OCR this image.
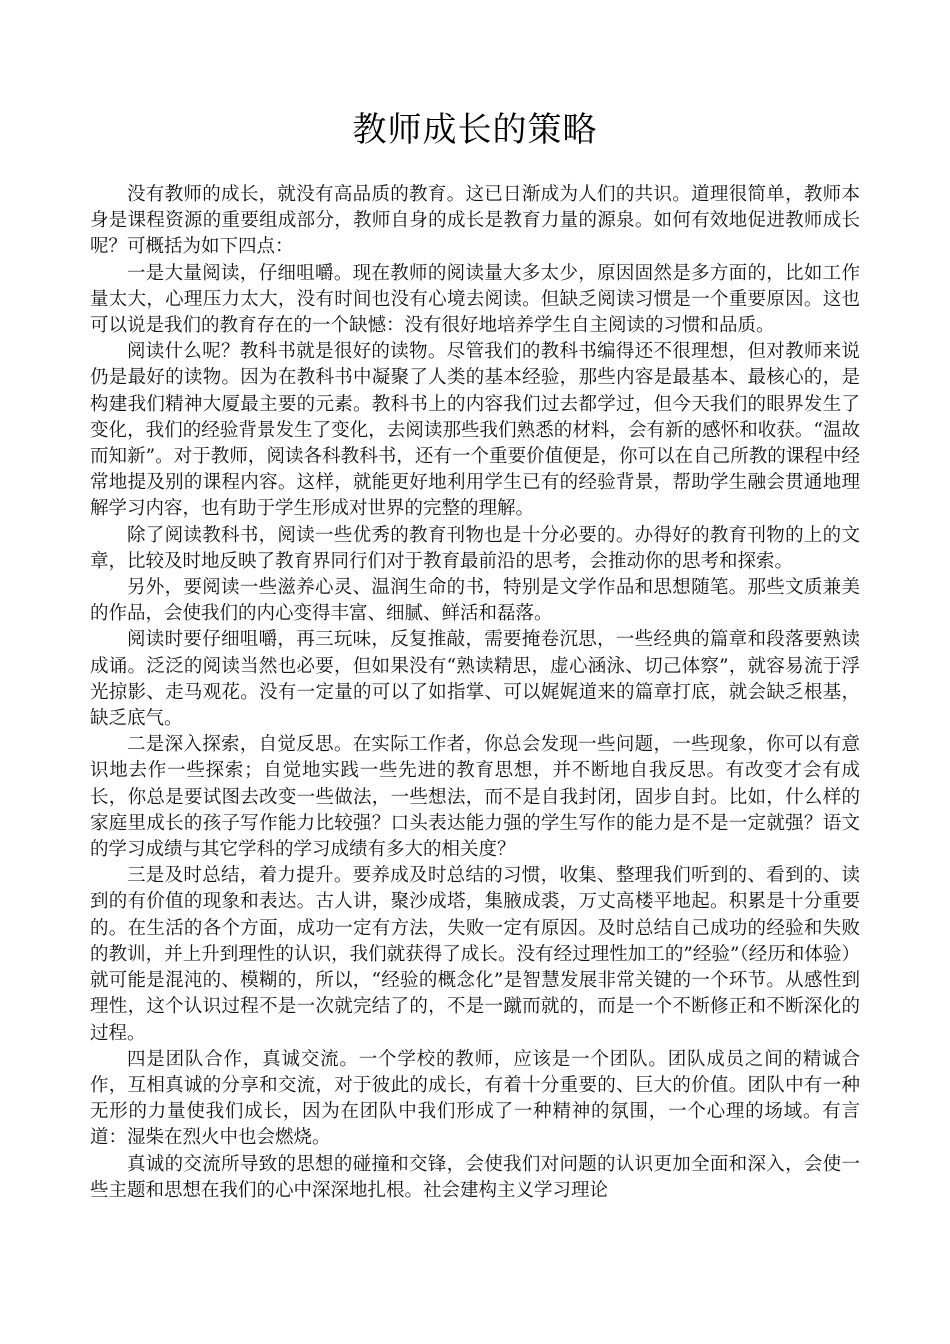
教师成长的策略

没有教师的成长，就没有高品质的教育。这已日渐成为人们的共识。道理很简单，教师本身是课程资源的重要组成部分，教师自身的成长是教育力量的源泉。如何有效地促进教师成长呢？可概括为如下四点：

一是大量阅读，仔细咀嚼。现在教师的阅读量大多太少，原因固然是多方面的，比如工作量太大，心理压力太大，没有时间也没有心境去阅读。但缺乏阅读习惯是一个重要原因。这也可以说是我们的教育存在的一个缺憾：没有很好地培养学生自主阅读的习惯和品质。

阅读什么呢？教科书就是很好的读物。尽管我们的教科书编得还不很理想，但对教师来说仍是最好的读物。因为在教科书中凝聚了人类的基本经验，那些内容是最基本、最核心的，是构建我们精神大厦最主要的元素。教科书上的内容我们过去都学过，但今天我们的眼界发生了变化，我们的经验背景发生了变化，去阅读那些我们熟悉的材料，会有新的感怀和收获。“温故而知新”。对于教师，阅读各科教科书，还有一个重要价值便是，你可以在自己所教的课程中经常地提及别的课程内容。这样，就能更好地利用学生已有的经验背景，帮助学生融会贯通地理解学习内容，也有助于学生形成对世界的完整的理解。

除了阅读教科书，阅读一些优秀的教育刊物也是十分必要的。办得好的教育刊物的上的文章，比较及时地反映了教育界同行们对于教育最前沿的思考，会推动你的思考和探索。

另外，要阅读一些滋养心灵、温润生命的书，特别是文学作品和思想随笔。那些文质兼美的作品，会使我们的内心变得丰富、细腻、鲜活和磊落。

阅读时要仔细咀嚼，再三玩味，反复推敲，需要掩卷沉思，一些经典的篇章和段落要熟读成诵。泛泛的阅读当然也必要，但如果没有“熟读精思，虚心涵泳、切己体察”，就容易流于浮光掠影、走马观花。没有一定量的可以了如指掌、可以娓娓道来的篇章打底，就会缺乏根基，缺乏底气。

二是深入探索，自觉反思。在实际工作者，你总会发现一些问题，一些现象，你可以有意识地去作一些探索；自觉地实践一些先进的教育思想，并不断地自我反思。有改变才会有成长，你总是要试图去改变一些做法，一些想法，而不是自我封闭，固步自封。比如，什么样的家庭里成长的孩子写作能力比较强？口头表达能力强的学生写作的能力是不是一定就强？语文的学习成绩与其它学科的学习成绩有多大的相关度？

三是及时总结，着力提升。要养成及时总结的习惯，收集、整理我们听到的、看到的、读到的有价值的现象和表达。古人讲，聚沙成塔，集腋成裘，万丈高楼平地起。积累是十分重要的。在生活的各个方面，成功一定有方法，失败一定有原因。及时总结自己成功的经验和失败的教训，并上升到理性的认识，我们就获得了成长。没有经过理性加工的”经验”（经历和体验）就可能是混沌的、模糊的，所以，“经验的概念化”是智慧发展非常关键的一个环节。从感性到理性，这个认识过程不是一次就完结了的，不是一蹴而就的，而是一个不断修正和不断深化的过程。

四是团队合作，真诚交流。一个学校的教师，应该是一个团队。团队成员之间的精诚合作，互相真诚的分享和交流，对于彼此的成长，有着十分重要的、巨大的价值。团队中有一种无形的力量使我们成长，因为在团队中我们形成了一种精神的氛围，一个心理的场域。有言道：湿柴在烈火中也会燃烧。

真诚的交流所导致的思想的碰撞和交锋，会使我们对问题的认识更加全面和深入，会使一些主题和思想在我们的心中深深地扎根。社会建构主义学习理论
